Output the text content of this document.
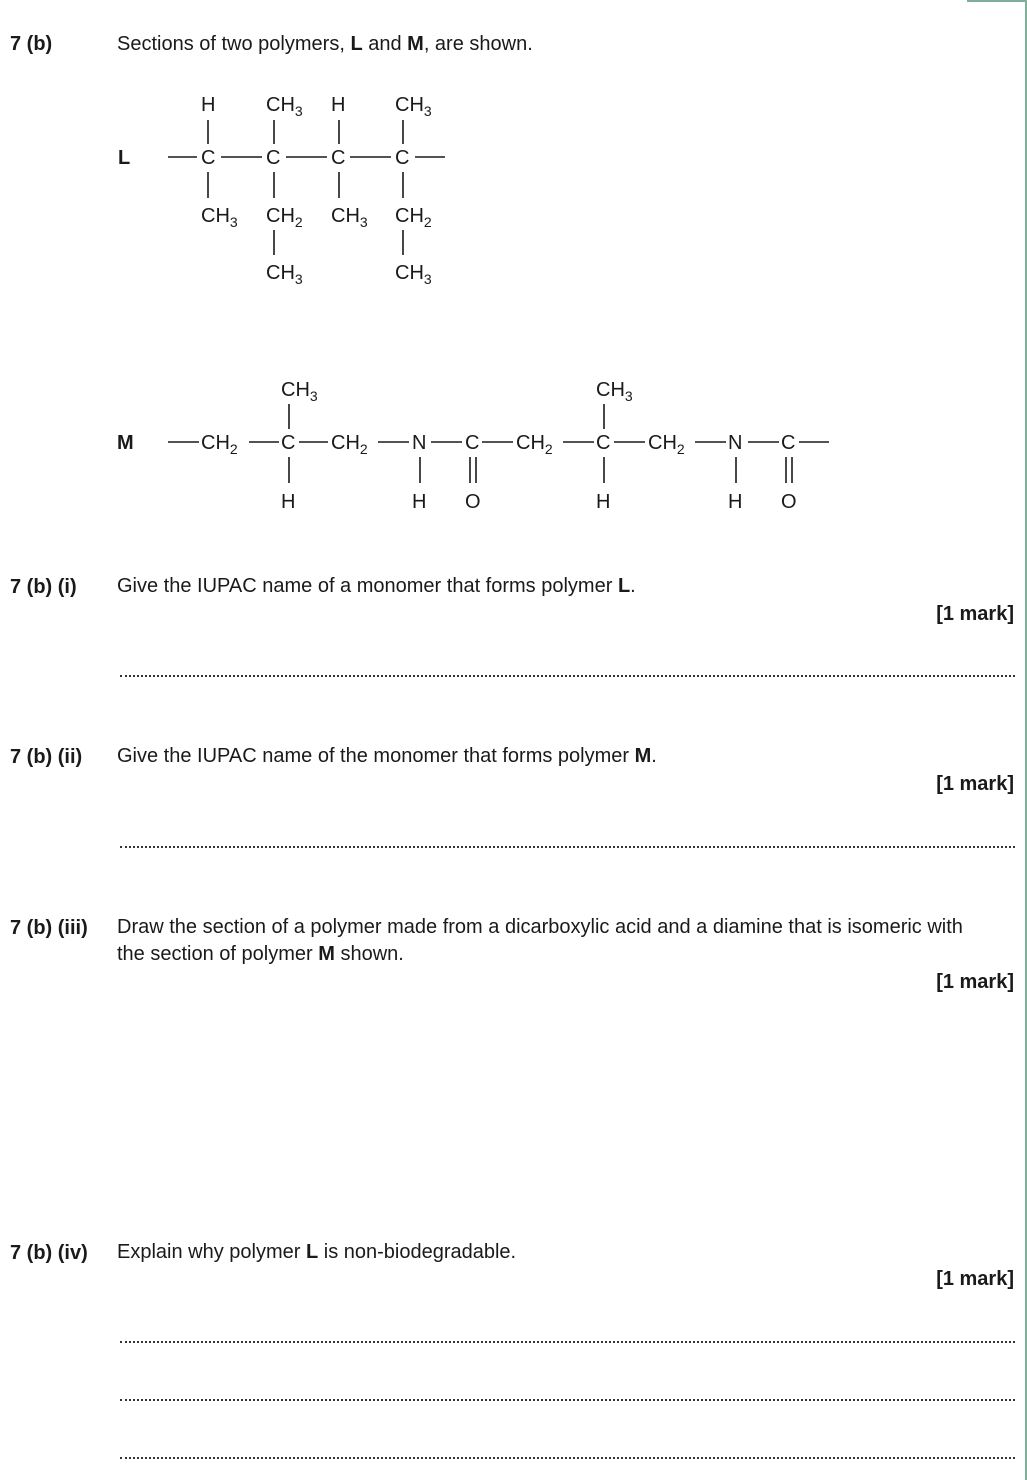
7 (b)	Sections of two polymers, L and M, are shown.
L	C	C	C C
H	$CH_3$ H $CH_3$
$CH_3$ $CH_2$ $CH_3$ $CH_2$
$CH_3$	$CH_3$
M	$CH_2$ C $CH_2$ N C $CH_2$ C $CH_2$ N C
$CH_3$	$CH_3$
H	H O	H	H O
7 (b) (i) Give the IUPAC name of a monomer that forms polymer L.
[1 mark]
7 (b) (ii) Give the IUPAC name of the monomer that forms polymer M.
[1 mark]
7 (b) (iii) Draw the section of a polymer made from a dicarboxylic acid and a diamine that is isomeric with the section of polymer M shown.
[1 mark]
7 (b) (iv) Explain why polymer L is non-biodegradable.
[1 mark]
